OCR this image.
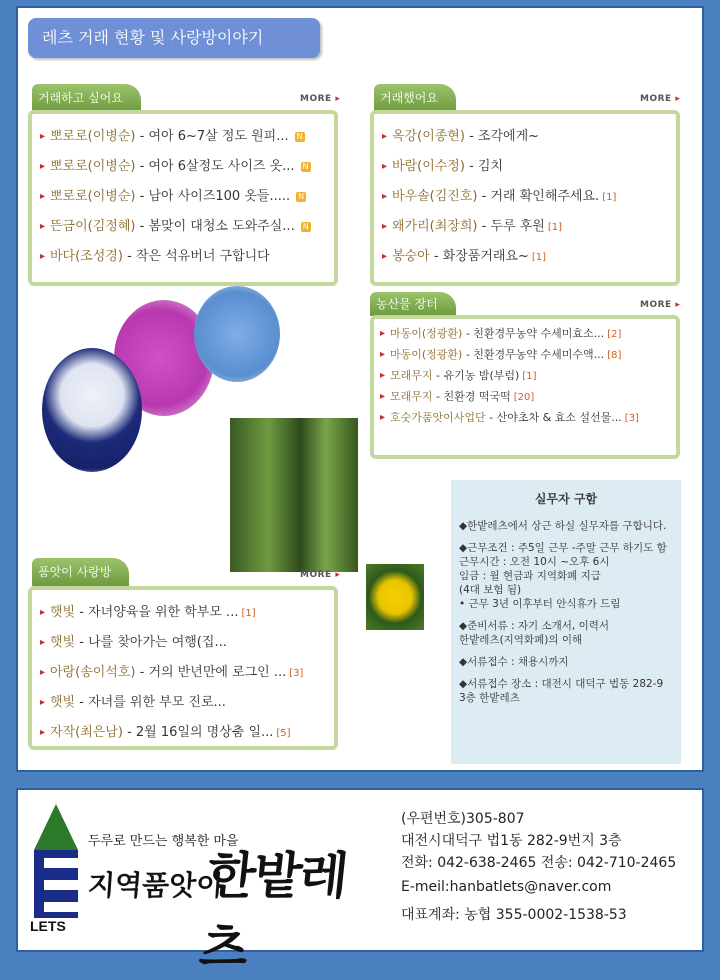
레츠 거래 현황 및 사랑방이야기
거래하고 싶어요	MORE ▸
▸ 뽀로로(이병순) - 여아 6~7살 정도 원피... N
▸ 뽀로로(이병순) - 여아 6살정도 사이즈 옷... N
▸ 뽀로로(이병순) - 남아 사이즈100 옷들..... N
▸ 뜬금이(김정혜) - 봄맞이 대청소 도와주실... N
▸ 바다(조성경) - 작은 석유버너 구합니다
거래했어요	MORE ▸
▸ 옥강(이종현) - 조각에게~
▸ 바람(이수정) - 김치
▸ 바우솔(김진호) - 거래 확인해주세요. [1]
▸ 왜가리(최장희) - 두루 후원 [1]
▸ 봉숭아 - 화장품거래요~ [1]
농산물 장터	MORE ▸
▸ 마동이(정광환) - 친환경무농약 수세미효소... [2]
▸ 마동이(정광환) - 친환경무농약 수세미수액... [8]
▸ 모래무지 - 유기농 밤(부럼) [1]
▸ 모래무지 - 친환경 떡국떡 [20]
▸ 호숫가품앗이사업단 - 산야초차 & 효소 설선물... [3]
품앗이 사랑방	MORE ▸
▸ 햇빛 - 자녀양육을 위한 학부모 ... [1]
▸ 햇빛 - 나를 찾아가는 여행(집...
▸ 아랑(송이석호) - 거의 반년만에 로그인 ... [3]
▸ 햇빛 - 자녀를 위한 부모 진로...
▸ 자작(최은남) - 2월 16일의 명상춤 일... [5]
실무자 구함

◆한밭레츠에서 상근 하실 실무자를 구합니다.

◆근무조건 : 주5일 근무 -주말 근무 하기도 함
근무시간 : 오전 10시 ~오후 6시
임금 : 월 현금과 지역화폐 지급
(4대 보험 됨)
• 근무 3년 이후부터 안식휴가 드림

◆준비서류 : 자기 소개서, 이력서
한밭레츠(지역화폐)의 이해

◆서류접수 : 채용시까지

◆서류접수 장소 : 대전시 대덕구 법동 282-9
3층 한밭레츠

LETS
두루로 만드는 행복한 마을
지역품앗이
한밭레츠
(우편번호)305-807
대전시대덕구 법1동 282-9번지 3층
전화: 042-638-2465 전송: 042-710-2465
E-meil:hanbatlets@naver.com
대표계좌: 농협 355-0002-1538-53
